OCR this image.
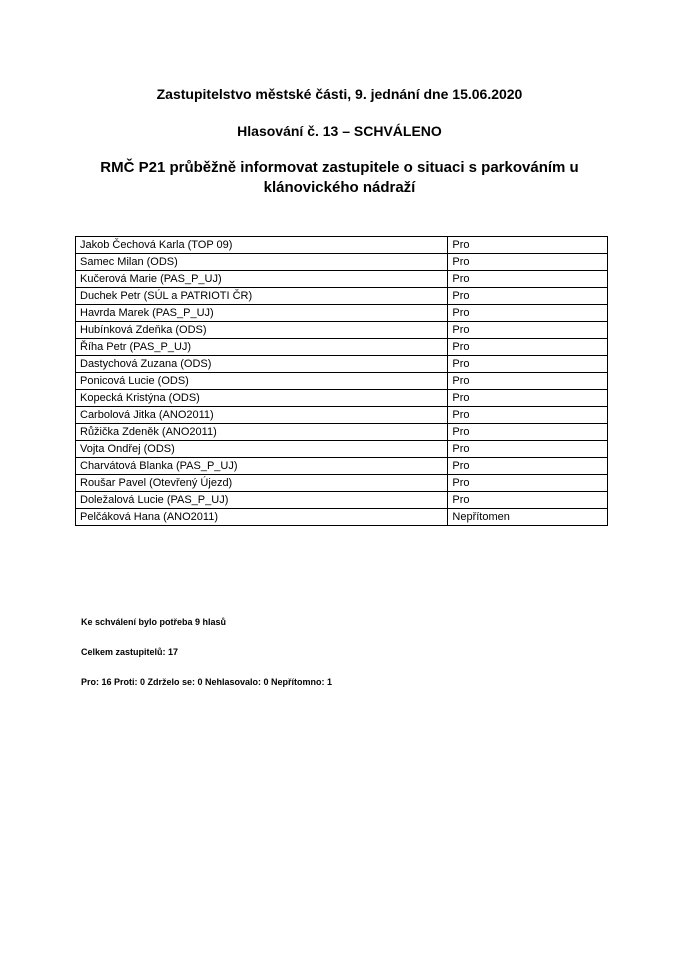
Zastupitelstvo městské části, 9. jednání dne 15.06.2020
Hlasování č. 13 – SCHVÁLENO
RMČ P21 průběžně informovat zastupitele o situaci s parkováním u klánovického nádraží
Jakob Čechová Karla (TOP 09)	Pro
Samec Milan (ODS)	Pro
Kučerová Marie (PAS_P_UJ)	Pro
Duchek Petr (SÚL a PATRIOTI ČR)	Pro
Havrda Marek (PAS_P_UJ)	Pro
Hubínková Zdeňka (ODS)	Pro
Říha Petr (PAS_P_UJ)	Pro
Dastychová Zuzana (ODS)	Pro
Ponicová Lucie (ODS)	Pro
Kopecká Kristýna (ODS)	Pro
Carbolová Jitka (ANO2011)	Pro
Růžička Zdeněk (ANO2011)	Pro
Vojta Ondřej (ODS)	Pro
Charvátová Blanka (PAS_P_UJ)	Pro
Roušar Pavel (Otevřený Újezd)	Pro
Doležalová Lucie (PAS_P_UJ)	Pro
Pelčáková Hana (ANO2011)	Nepřítomen
Ke schválení bylo potřeba 9 hlasů
Celkem zastupitelů: 17
Pro: 16 Proti: 0 Zdrželo se: 0 Nehlasovalo: 0 Nepřítomno: 1
